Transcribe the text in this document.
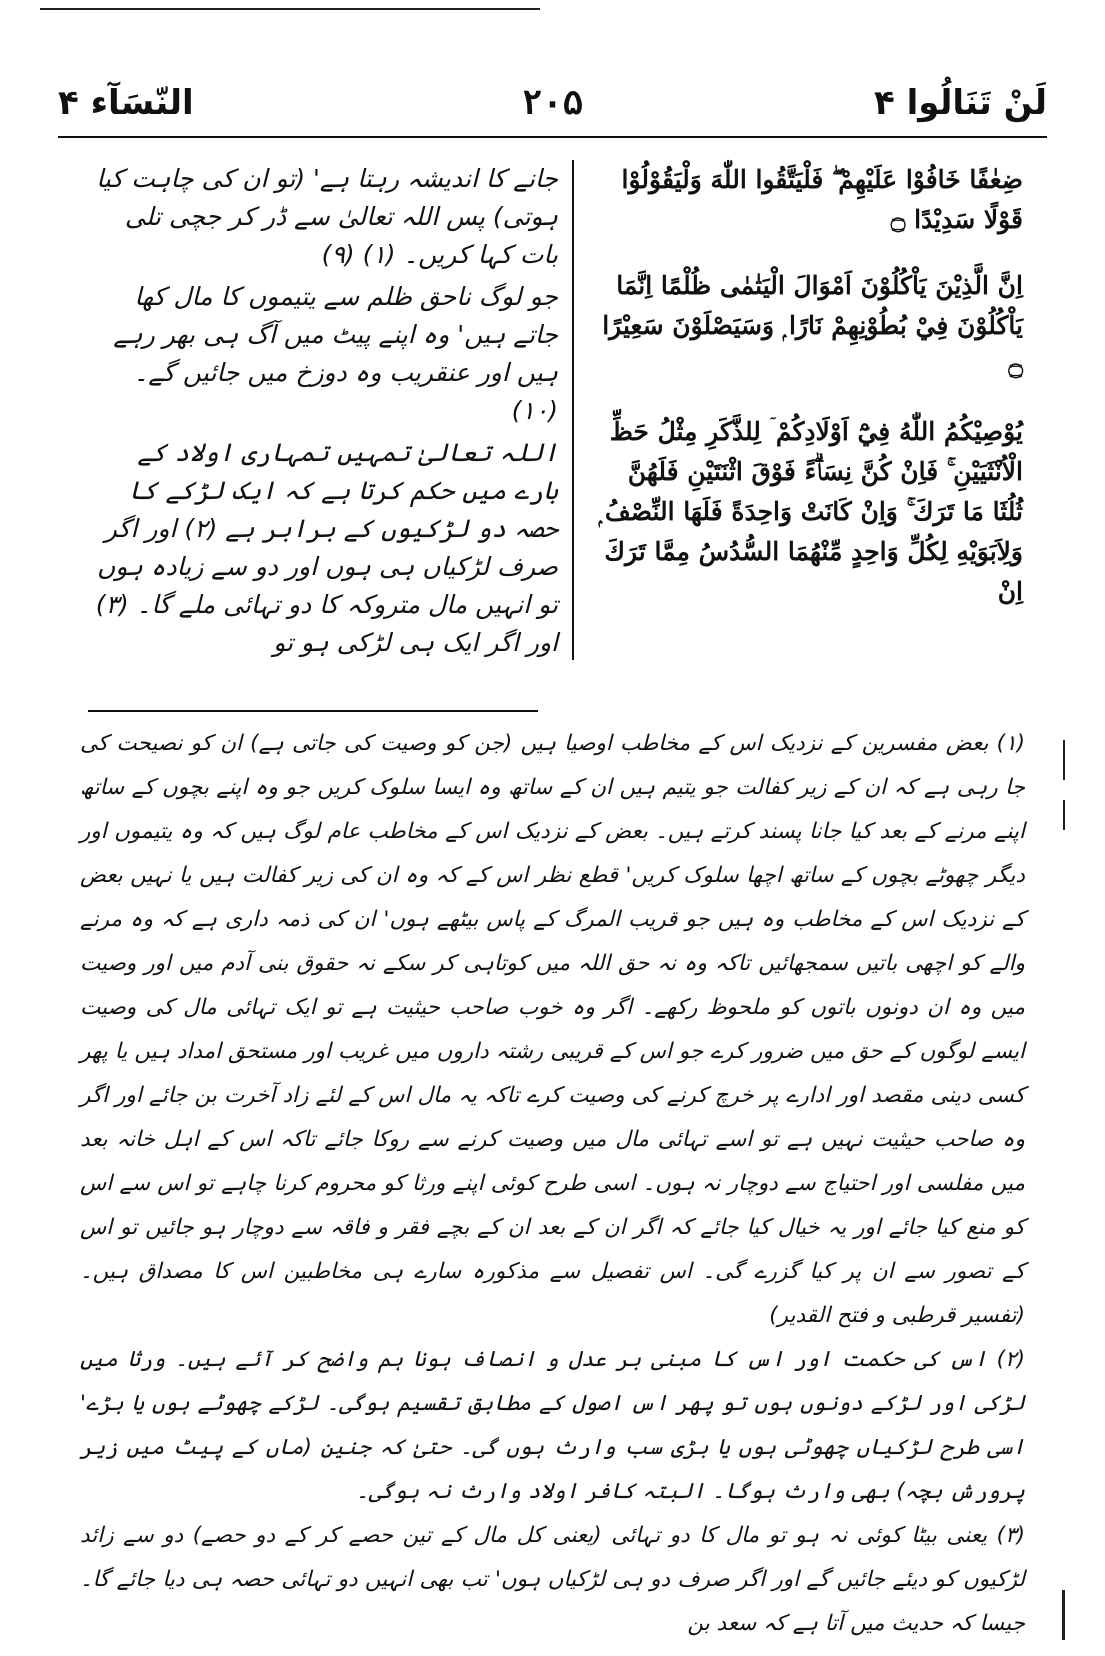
النّسَآء ۴	۲۰۵	لَنْ تَنَالُوا ۴

جانے کا اندیشہ رہتا ہے' (تو ان کی چاہت کیا ہوتی) پس اللہ تعالیٰ سے ڈر کر جچی تلی بات کہا کریں۔ (۱) (۹)

جو لوگ ناحق ظلم سے یتیموں کا مال کھا جاتے ہیں' وہ اپنے پیٹ میں آگ ہی بھر رہے ہیں اور عنقریب وہ دوزخ میں جائیں گے۔(۱۰)

اللہ تعالیٰ تمہیں تمہاری اولاد کے بارے میں حکم کرتا ہے کہ ایک لڑکے کا حصہ دو لڑکیوں کے برابر ہے (۲) اور اگر صرف لڑکیاں ہی ہوں اور دو سے زیادہ ہوں تو انہیں مال متروکہ کا دو تہائی ملے گا۔ (۳) اور اگر ایک ہی لڑکی ہو تو

ضِعٰفًا خَافُوْا عَلَيْهِمْ ۖ فَلْيَتَّقُوا اللّٰهَ وَلْيَقُوْلُوْا قَوْلًا سَدِيْدًا ۝

اِنَّ الَّذِيْنَ يَاْكُلُوْنَ اَمْوَالَ الْيَتٰمٰى ظُلْمًا اِنَّمَا يَاْكُلُوْنَ فِيْ بُطُوْنِهِمْ نَارًا ۭ وَسَيَصْلَوْنَ سَعِيْرًا ۝

يُوْصِيْكُمُ اللّٰهُ فِيْٓ اَوْلَادِكُمْ ۤ لِلذَّكَرِ مِثْلُ حَظِّ الْاُنْثَيَيْنِ ۚ فَاِنْ كُنَّ نِسَاۗءً فَوْقَ اثْنَتَيْنِ فَلَھُنَّ ثُلُثَا مَا تَرَكَ ۚ وَاِنْ كَانَتْ وَاحِدَةً فَلَهَا النِّصْفُ ۭ وَلِاَبَوَيْهِ لِكُلِّ وَاحِدٍ مِّنْهُمَا السُّدُسُ مِمَّا تَرَكَ اِنْ

(۱) بعض مفسرین کے نزدیک اس کے مخاطب اوصیا ہیں (جن کو وصیت کی جاتی ہے) ان کو نصیحت کی جا رہی ہے کہ ان کے زیر کفالت جو یتیم ہیں ان کے ساتھ وہ ایسا سلوک کریں جو وہ اپنے بچوں کے ساتھ اپنے مرنے کے بعد کیا جانا پسند کرتے ہیں۔ بعض کے نزدیک اس کے مخاطب عام لوگ ہیں کہ وہ یتیموں اور دیگر چھوٹے بچوں کے ساتھ اچھا سلوک کریں' قطع نظر اس کے کہ وہ ان کی زیر کفالت ہیں یا نہیں بعض کے نزدیک اس کے مخاطب وہ ہیں جو قریب المرگ کے پاس بیٹھے ہوں' ان کی ذمہ داری ہے کہ وہ مرنے والے کو اچھی باتیں سمجھائیں تاکہ وہ نہ حق اللہ میں کوتاہی کر سکے نہ حقوق بنی آدم میں اور وصیت میں وہ ان دونوں باتوں کو ملحوظ رکھے۔ اگر وہ خوب صاحب حیثیت ہے تو ایک تہائی مال کی وصیت ایسے لوگوں کے حق میں ضرور کرے جو اس کے قریبی رشتہ داروں میں غریب اور مستحق امداد ہیں یا پھر کسی دینی مقصد اور ادارے پر خرچ کرنے کی وصیت کرے تاکہ یہ مال اس کے لئے زاد آخرت بن جائے اور اگر وہ صاحب حیثیت نہیں ہے تو اسے تہائی مال میں وصیت کرنے سے روکا جائے تاکہ اس کے اہل خانہ بعد میں مفلسی اور احتیاج سے دوچار نہ ہوں۔ اسی طرح کوئی اپنے ورثا کو محروم کرنا چاہے تو اس سے اس کو منع کیا جائے اور یہ خیال کیا جائے کہ اگر ان کے بعد ان کے بچے فقر و فاقہ سے دوچار ہو جائیں تو اس کے تصور سے ان پر کیا گزرے گی۔ اس تفصیل سے مذکورہ سارے ہی مخاطبین اس کا مصداق ہیں۔ (تفسیر قرطبی و فتح القدیر)

(۲) اس کی حکمت اور اس کا مبنی بر عدل و انصاف ہونا ہم واضح کر آئے ہیں۔ ورثا میں لڑکی اور لڑکے دونوں ہوں تو پھر اس اصول کے مطابق تقسیم ہوگی۔ لڑکے چھوٹے ہوں یا بڑے' اسی طرح لڑکیاں چھوٹی ہوں یا بڑی سب وارث ہوں گی۔ حتیٰ کہ جنین (ماں کے پیٹ میں زیر پرورش بچہ) بھی وارث ہوگا۔ البتہ کافر اولاد وارث نہ ہوگی۔

(۳) یعنی بیٹا کوئی نہ ہو تو مال کا دو تہائی (یعنی کل مال کے تین حصے کر کے دو حصے) دو سے زائد لڑکیوں کو دیئے جائیں گے اور اگر صرف دو ہی لڑکیاں ہوں' تب بھی انہیں دو تہائی حصہ ہی دیا جائے گا۔ جیسا کہ حدیث میں آتا ہے کہ سعد بن
